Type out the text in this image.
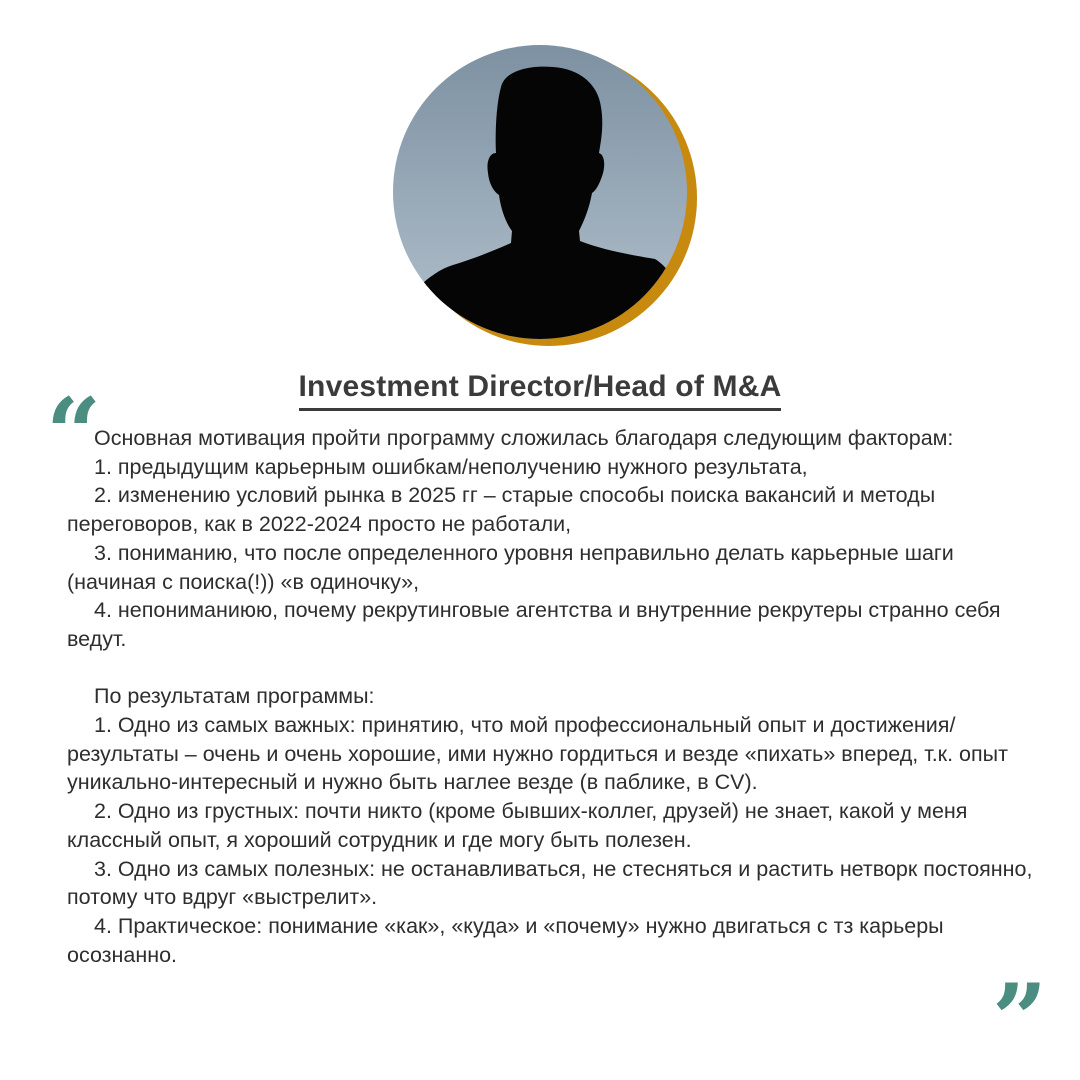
Investment Director/Head of M&A
“

Основная мотивация пройти программу сложилась благодаря следующим факторам:

1. предыдущим карьерным ошибкам/неполучению нужного результата,

2. изменению условий рынка в 2025 гг – старые способы поиска вакансий и методы переговоров, как в 2022-2024 просто не работали,

3. пониманию, что после определенного уровня неправильно делать карьерные шаги (начиная с поиска(!)) «в одиночку»,

4. непониманиюю, почему рекрутинговые агентства и внутренние рекрутеры странно себя ведут.

По результатам программы:

1. Одно из самых важных: принятию, что мой профессиональный опыт и достижения/результаты – очень и очень хорошие, ими нужно гордиться и везде «пихать» вперед, т.к. опыт уникально-интересный и нужно быть наглее везде (в паблике, в CV).

2. Одно из грустных: почти никто (кроме бывших-коллег, друзей) не знает, какой у меня классный опыт, я хороший сотрудник и где могу быть полезен.

3. Одно из самых полезных: не останавливаться, не стесняться и растить нетворк постоянно, потому что вдруг «выстрелит».

4. Практическое: понимание «как», «куда» и «почему» нужно двигаться с тз карьеры осознанно.

”
